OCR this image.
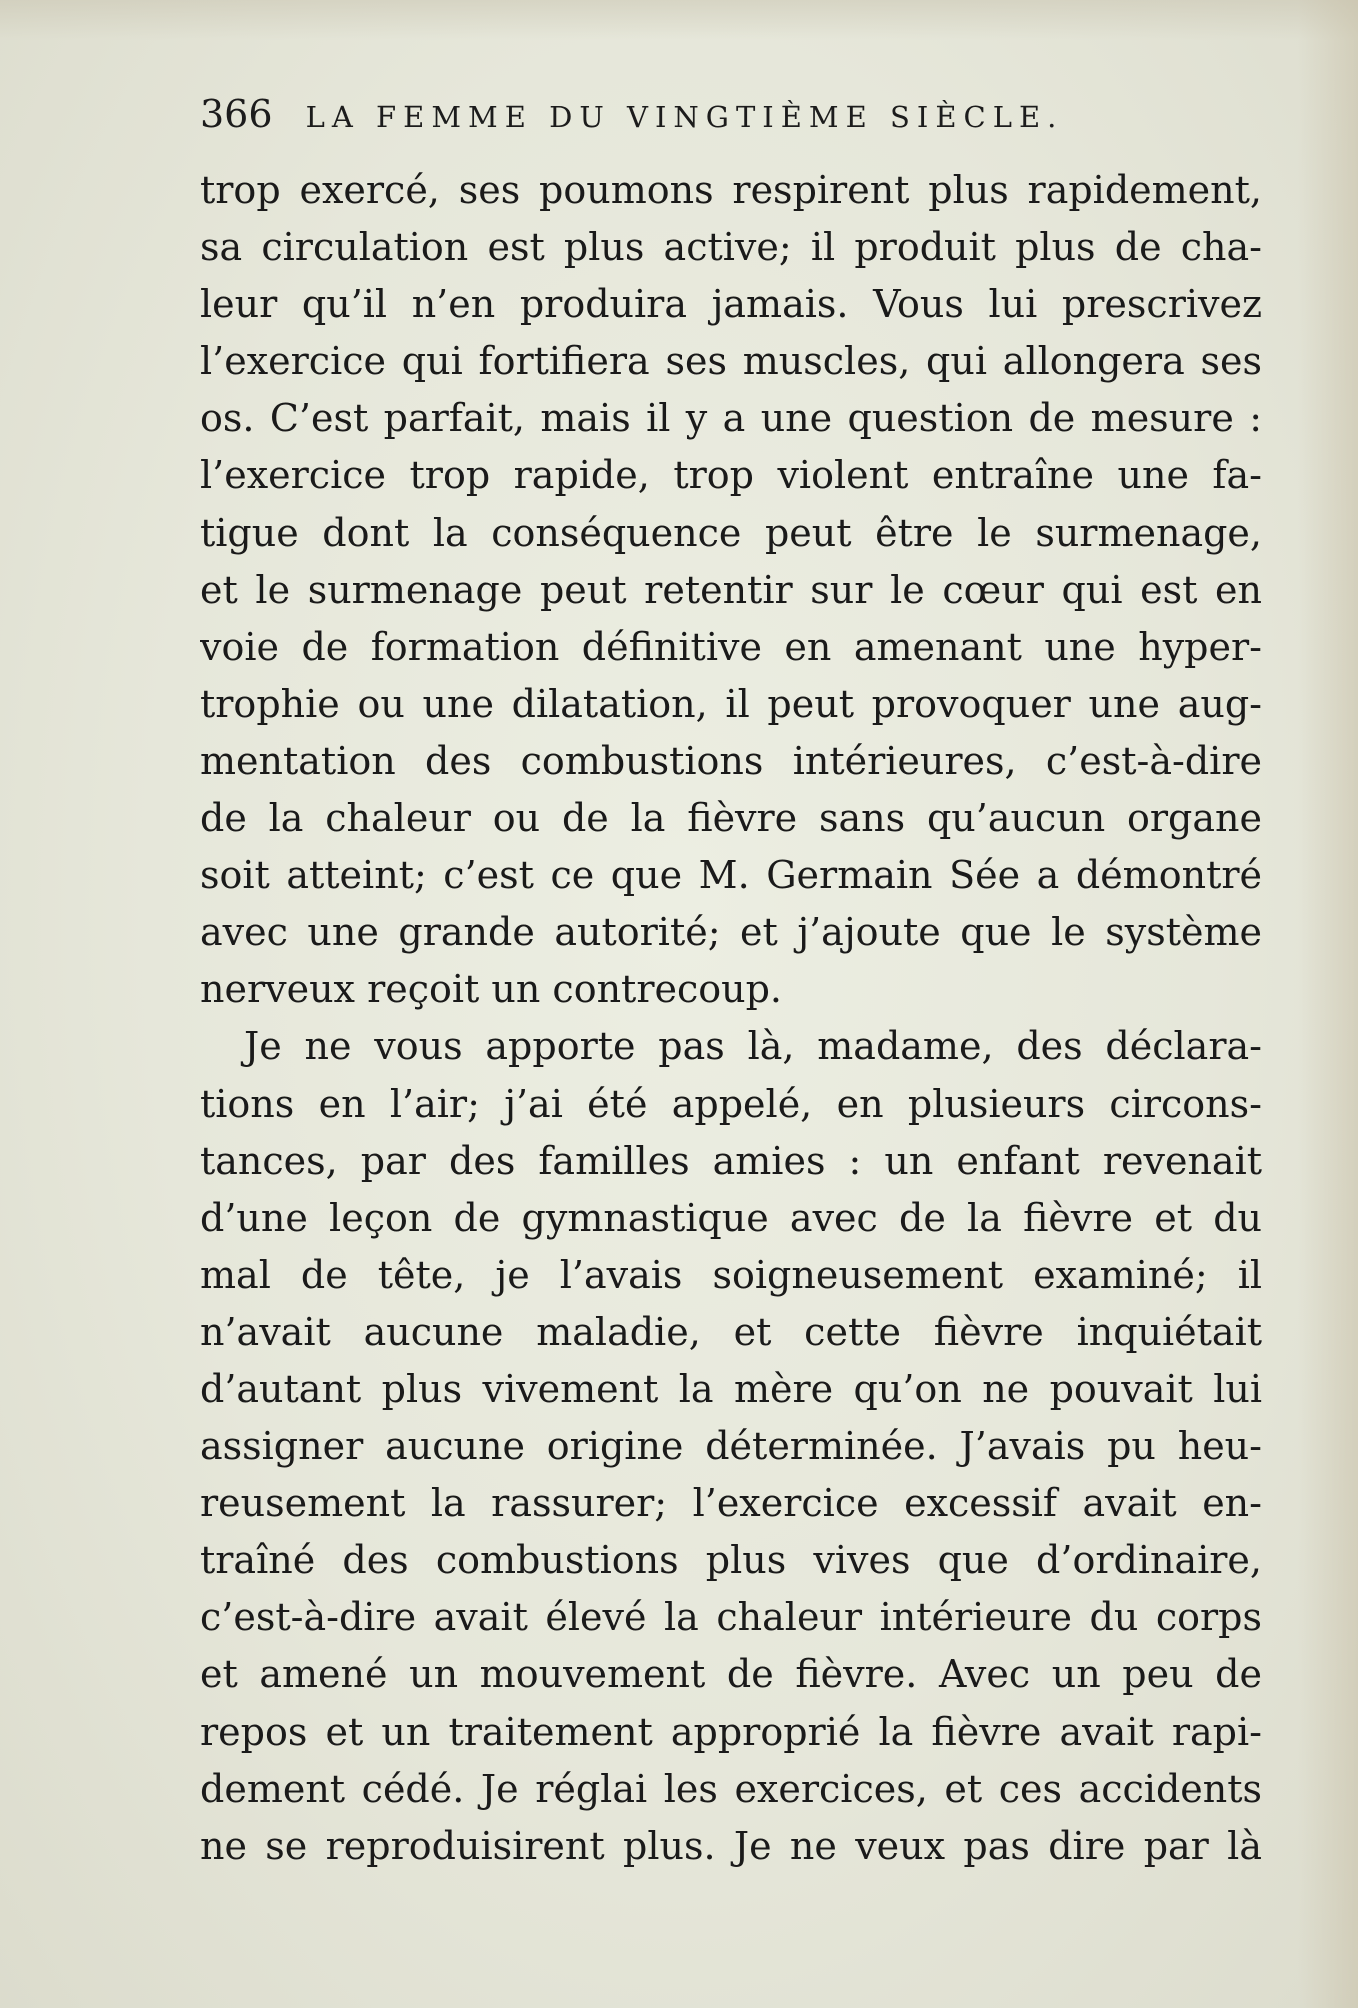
366 LA FEMME DU VINGTIÈME SIÈCLE.
trop exercé, ses poumons respirent plus rapidement,
sa circulation est plus active; il produit plus de cha-
leur qu’il n’en produira jamais. Vous lui prescrivez
l’exercice qui fortifiera ses muscles, qui allongera ses
os. C’est parfait, mais il y a une question de mesure :
l’exercice trop rapide, trop violent entraîne une fa-
tigue dont la conséquence peut être le surmenage,
et le surmenage peut retentir sur le cœur qui est en
voie de formation définitive en amenant une hyper-
trophie ou une dilatation, il peut provoquer une aug-
mentation des combustions intérieures, c’est-à-dire
de la chaleur ou de la fièvre sans qu’aucun organe
soit atteint; c’est ce que M. Germain Sée a démontré
avec une grande autorité; et j’ajoute que le système
nerveux reçoit un contrecoup.
Je ne vous apporte pas là, madame, des déclara-
tions en l’air; j’ai été appelé, en plusieurs circons-
tances, par des familles amies : un enfant revenait
d’une leçon de gymnastique avec de la fièvre et du
mal de tête, je l’avais soigneusement examiné; il
n’avait aucune maladie, et cette fièvre inquiétait
d’autant plus vivement la mère qu’on ne pouvait lui
assigner aucune origine déterminée. J’avais pu heu-
reusement la rassurer; l’exercice excessif avait en-
traîné des combustions plus vives que d’ordinaire,
c’est-à-dire avait élevé la chaleur intérieure du corps
et amené un mouvement de fièvre. Avec un peu de
repos et un traitement approprié la fièvre avait rapi-
dement cédé. Je réglai les exercices, et ces accidents
ne se reproduisirent plus. Je ne veux pas dire par là
